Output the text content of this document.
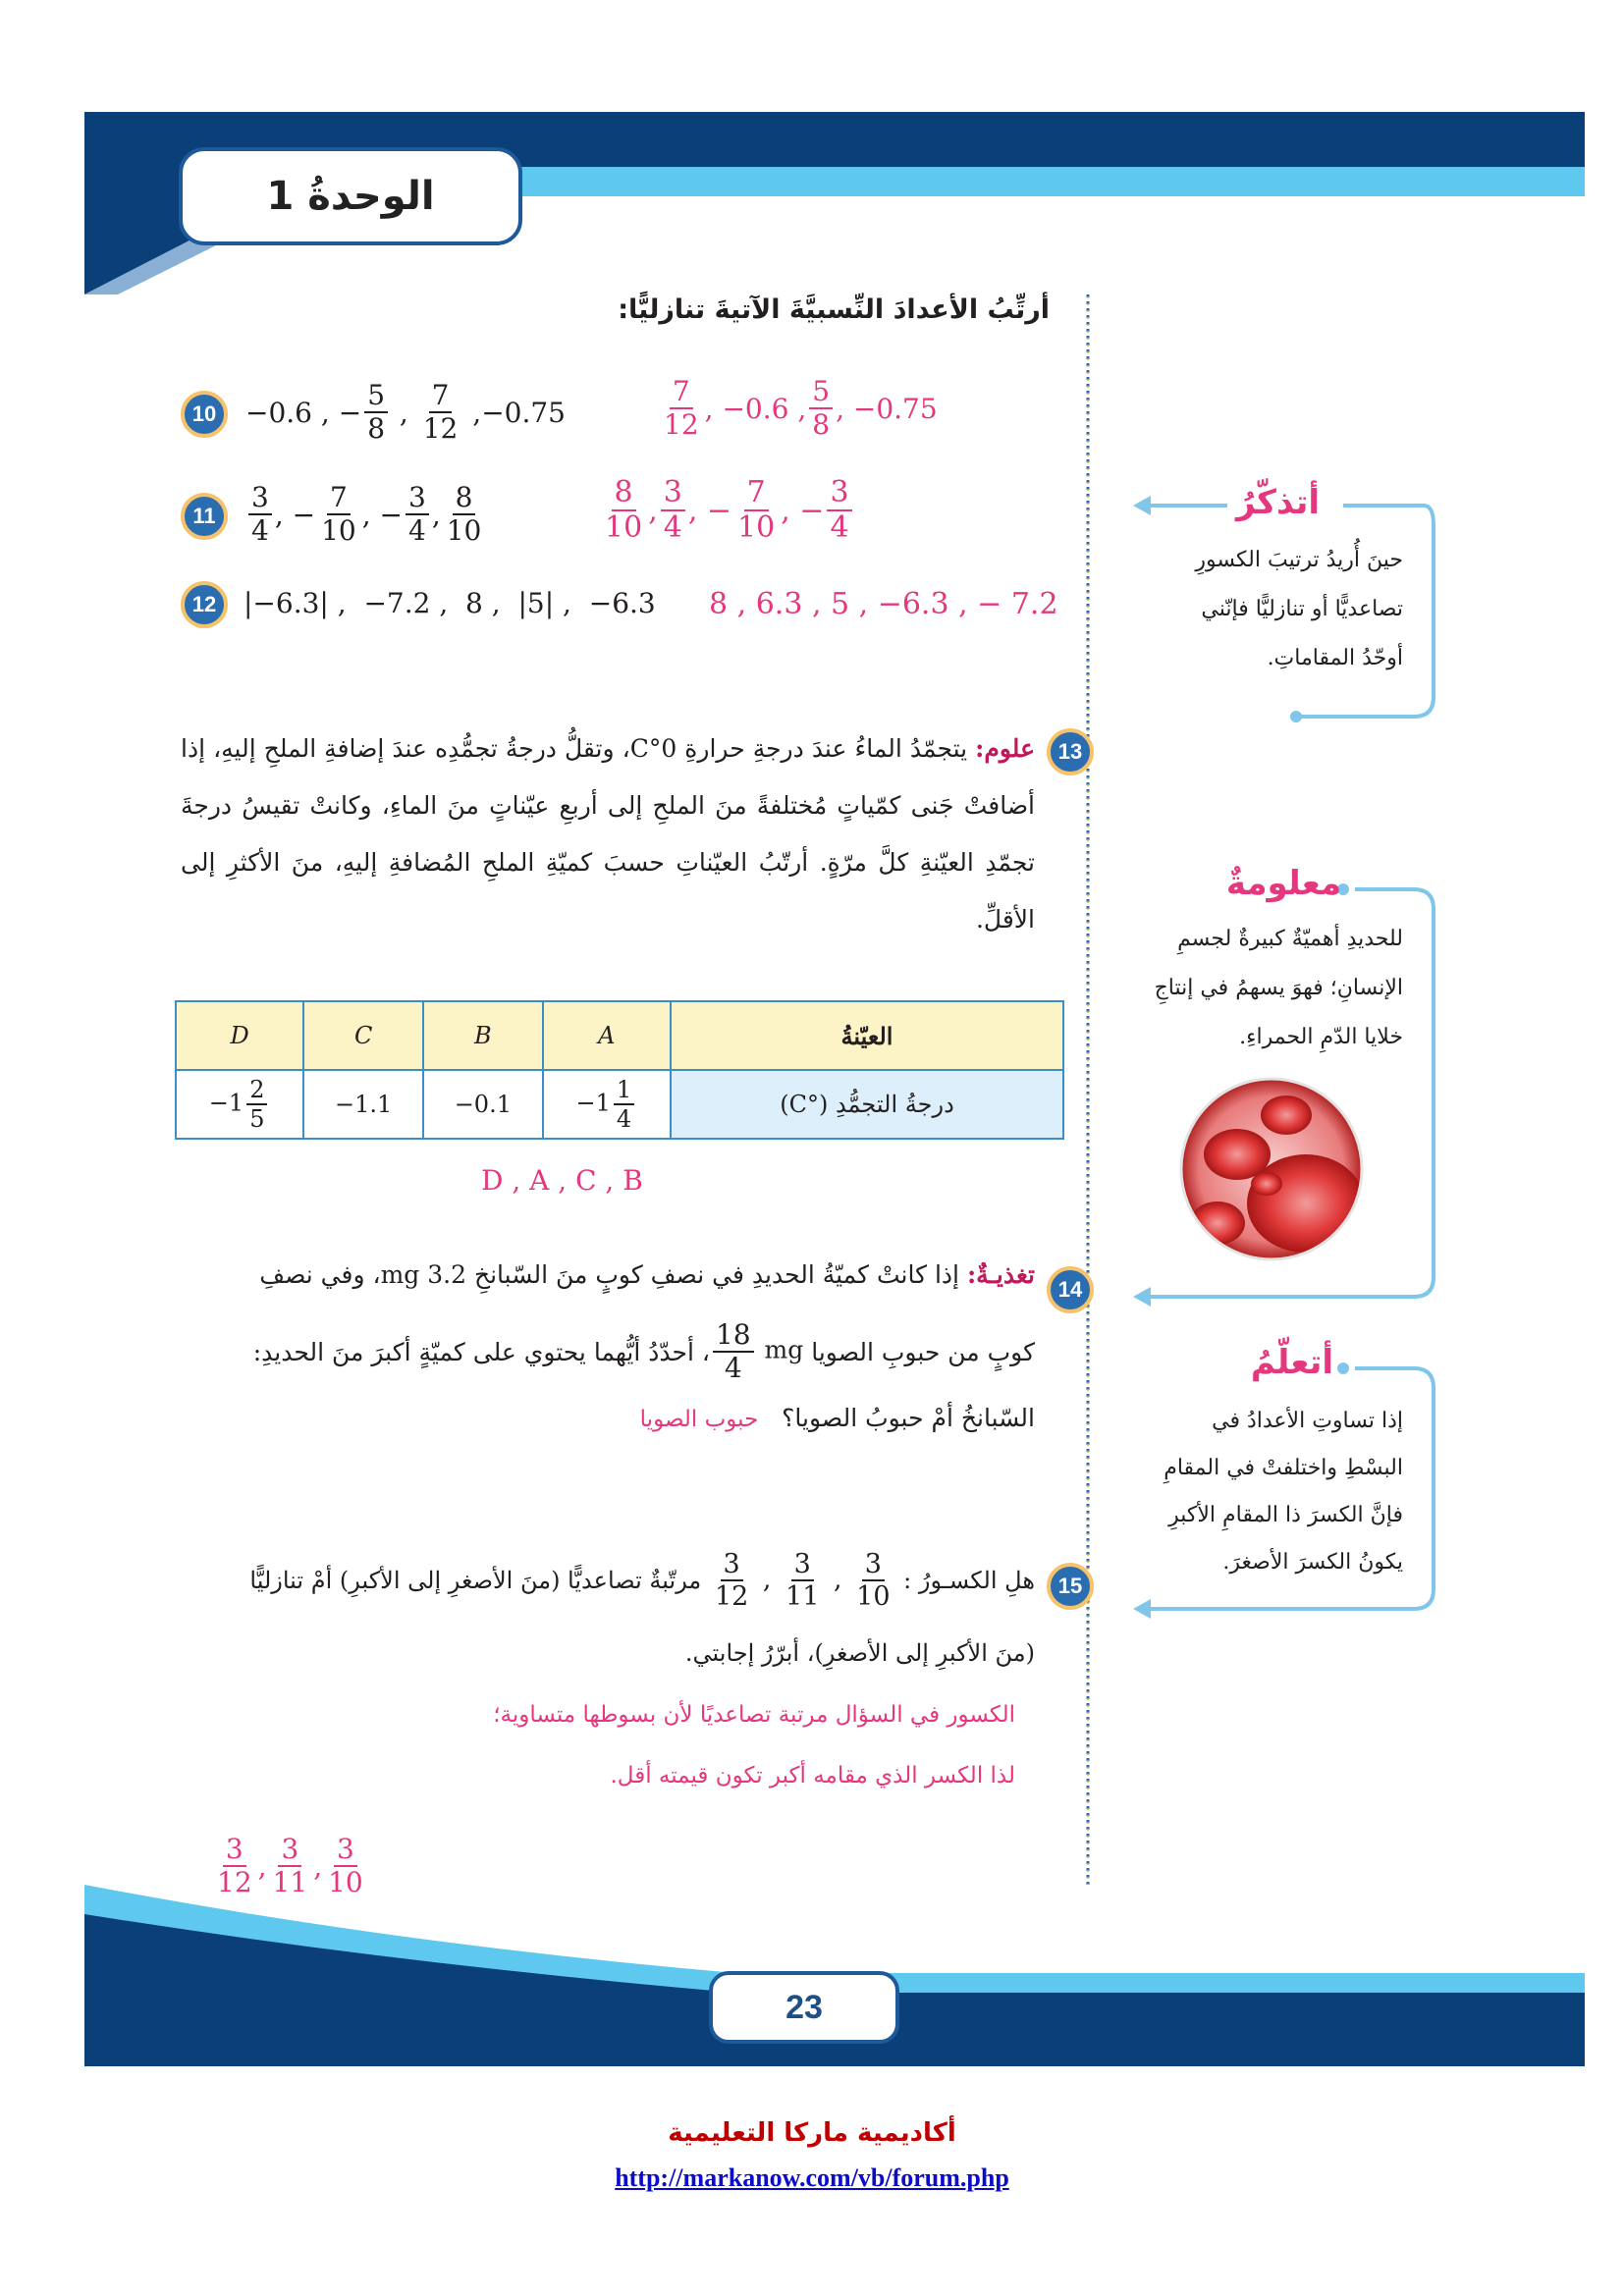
الوحدةُ 1
أرتِّبُ الأعدادَ النِّسبيَّةَ الآتيةَ تنازليًّا:
10	−0.6
,
− $\frac{5}{8}$
,
$\frac{7}{12}$
, −0.75	$\frac{7}{12}$ , −0.6 , $\frac{5}{8}$ , −0.75
11	$\frac{3}{4}$ , − $\frac{7}{10}$ , − $\frac{3}{4}$ , $\frac{8}{10}$	$\frac{8}{10}$ , $\frac{3}{4}$ , − $\frac{7}{10}$ , − $\frac{3}{4}$
12 |−6.3| ,  −7.2 ,  8 ,  |5| ,  −6.3 8 , 6.3 , 5 , −6.3 , − 7.2
13
علوم: يتجمّدُ الماءُ عندَ درجةِ حرارةِ 0°C، وتقلُّ درجةُ تجمُّدِه عندَ إضافةِ الملحِ إليهِ، إذا أضافتْ جَنى كمّياتٍ مُختلفةً منَ الملحِ إلى أربعِ عيّناتٍ منَ الماءِ، وكانتْ تقيسُ درجةَ تجمّدِ العيّنةِ كلَّ مرّةٍ. أرتّبُ العيّناتِ حسبَ كميّةِ الملحِ المُضافةِ إليهِ، منَ الأكثرِ إلى الأقلِّ.
D	C	B	A	العيّنةُ
$-1 \frac{2}{5}$	−1.1	−0.1	$-1 \frac{1}{4}$	درجةُ التجمُّدِ (°C)
D , A , C , B
14
تغذيـةٌ: إذا كانتْ كميّةُ الحديدِ في نصفِ كوبٍ منَ السّبانخِ 3.2 mg، وفي نصفِ
كوبٍ من حبوبِ الصويا

$\frac{18}{4}$ mg
، أحدّدُ أيُّهما يحتوي على كميّةٍ أكبرَ منَ الحديدِ:
السّبانخُ أمْ حبوبُ الصويا؟   حبوب الصويا
15
هلِ الكسـورُ :

$\frac{3}{12}$ , $\frac{3}{11}$ , $\frac{3}{10}$

مرتّبةٌ تصاعديًّا (منَ الأصغرِ إلى الأكبرِ) أمْ تنازليًّا
(منَ الأكبرِ إلى الأصغرِ)، أبرّرُ إجابتي.
الكسور في السؤال مرتبة تصاعديًا لأن بسوطها متساوية؛
لذا الكسر الذي مقامه أكبر تكون قيمته أقل.
$\frac{3}{12}$ , $\frac{3}{11}$ , $\frac{3}{10}$
أتذكّرُ
حينَ أُريدُ ترتيبَ الكسورِ
تصاعديًّا أو تنازليًّا فإنّني
أوحّدُ المقاماتِ.
معلومةٌ
للحديدِ أهميّةٌ كبيرةٌ لجسمِ
الإنسانِ؛ فهوَ يسهمُ في إنتاجِ
خلايا الدّمِ الحمراءِ.
أتعلّمُ
إذا تساوتِ الأعدادُ في
البسْطِ واختلفتْ في المقامِ
فإنَّ الكسرَ ذا المقامِ الأكبرِ
يكونُ الكسرَ الأصغرَ.
23
أكاديمية ماركا التعليمية
http://markanow.com/vb/forum.php
